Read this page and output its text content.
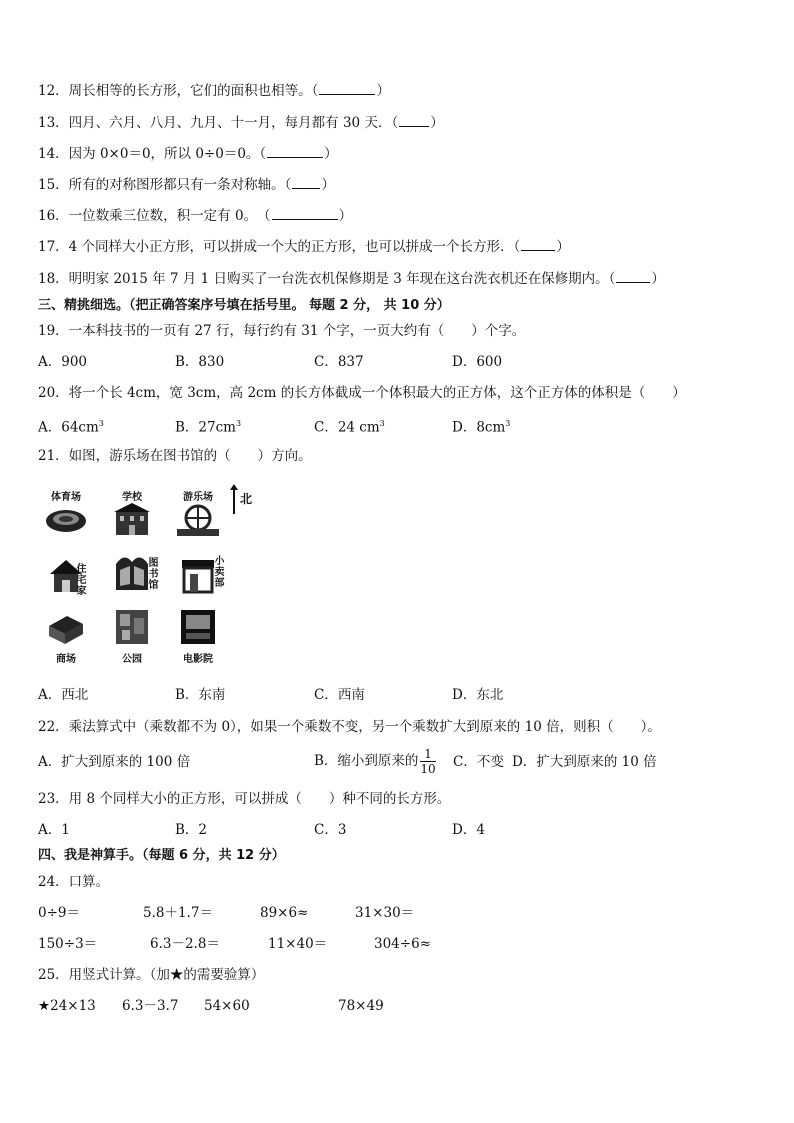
12．周长相等的长方形，它们的面积也相等。（	）
13．四月、六月、八月、九月、十一月，每月都有 30 天．（ ）
14．因为 0×0＝0，所以 0÷0＝0。（	）
15．所有的对称图形都只有一条对称轴。（ ）
16．一位数乘三位数，积一定有 0。　（	）
17．4 个同样大小正方形，可以拼成一个大的正方形，也可以拼成一个长方形．（	）
18．明明家 2015 年 7 月 1 日购买了一台洗衣机保修期是 3 年现在这台洗衣机还在保修期内。（	）
三、精挑细选。（把正确答案序号填在括号里。 每题 2 分， 共 10 分）
19．一本科技书的一页有 27 行，每行约有 31 个字，一页大约有（　　）个字。
A．900	B．830	C．837	D．600
20．将一个长 4cm，宽 3cm，高 2cm 的长方体截成一个体积最大的正方体，这个正方体的体积是（　　）
A．$64cm^3$	B．$27cm^3$	C．24 $cm^3$	D．$8cm^3$
21．如图，游乐场在图书馆的（　　）方向。
体育场	学校	游乐场	北
住宅家
图书馆
小卖部
商场	公园	电影院
A．西北	B．东南	C．西南	D．东北
22．乘法算式中（乘数都不为 0），如果一个乘数不变，另一个乘数扩大到原来的 10 倍，则积（　　）。
A．扩大到原来的 100 倍	B．缩小到原来的 $\frac{1}{10}$ C．不变 D．扩大到原来的 10 倍
23．用 8 个同样大小的正方形，可以拼成（　　）种不同的长方形。
A．1	B．2	C．3	D．4
四、我是神算手。（每题 6 分，共 12 分）
24．口算。
0÷9＝	5.8＋1.7＝	89×6≈	31×30＝
150÷3＝	6.3－2.8＝	11×40＝	304÷6≈
25．用竖式计算。（加★的需要验算）
★24×13 6.3－3.7 54×60	78×49
